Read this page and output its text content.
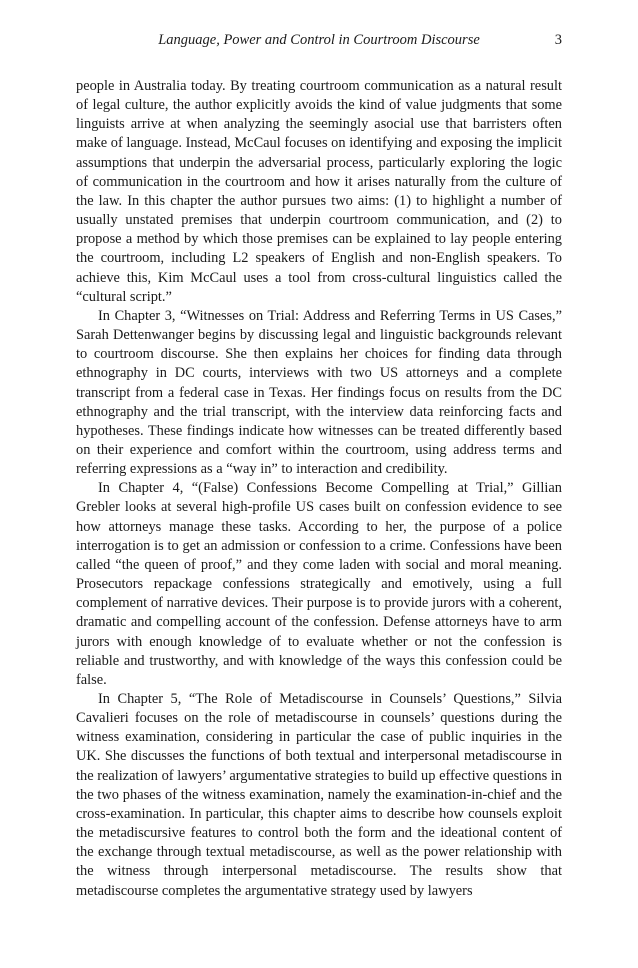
Language, Power and Control in Courtroom Discourse	3

people in Australia today. By treating courtroom communication as a natural result of legal culture, the author explicitly avoids the kind of value judgments that some linguists arrive at when analyzing the seemingly asocial use that barristers often make of language. Instead, McCaul focuses on identifying and exposing the implicit assumptions that underpin the adversarial process, particularly exploring the logic of communication in the courtroom and how it arises naturally from the culture of the law. In this chapter the author pursues two aims: (1) to highlight a number of usually unstated premises that underpin courtroom communication, and (2) to propose a method by which those premises can be explained to lay people entering the courtroom, including L2 speakers of English and non-English speakers. To achieve this, Kim McCaul uses a tool from cross-cultural linguistics called the “cultural script.”

In Chapter 3, “Witnesses on Trial: Address and Referring Terms in US Cases,” Sarah Dettenwanger begins by discussing legal and linguistic backgrounds relevant to courtroom discourse. She then explains her choices for finding data through ethnography in DC courts, interviews with two US attorneys and a complete transcript from a federal case in Texas. Her findings focus on results from the DC ethnography and the trial transcript, with the interview data reinforcing facts and hypotheses. These findings indicate how witnesses can be treated differently based on their experience and comfort within the courtroom, using address terms and referring expressions as a “way in” to interaction and credibility.

In Chapter 4, “(False) Confessions Become Compelling at Trial,” Gillian Grebler looks at several high-profile US cases built on confession evidence to see how attorneys manage these tasks. According to her, the purpose of a police interrogation is to get an admission or confession to a crime. Confessions have been called “the queen of proof,” and they come laden with social and moral meaning. Prosecutors repackage confessions strategically and emotively, using a full complement of narrative devices. Their purpose is to provide jurors with a coherent, dramatic and compelling account of the confession. Defense attorneys have to arm jurors with enough knowledge of to evaluate whether or not the confession is reliable and trustworthy, and with knowledge of the ways this confession could be false.

In Chapter 5, “The Role of Metadiscourse in Counsels’ Questions,” Silvia Cavalieri focuses on the role of metadiscourse in counsels’ questions during the witness examination, considering in particular the case of public inquiries in the UK. She discusses the functions of both textual and interpersonal metadiscourse in the realization of lawyers’ argumentative strategies to build up effective questions in the two phases of the witness examination, namely the examination-in-chief and the cross-examination. In particular, this chapter aims to describe how counsels exploit the metadiscursive features to control both the form and the ideational content of the exchange through textual metadiscourse, as well as the power relationship with the witness through interpersonal metadiscourse. The results show that metadiscourse completes the argumentative strategy used by lawyers
